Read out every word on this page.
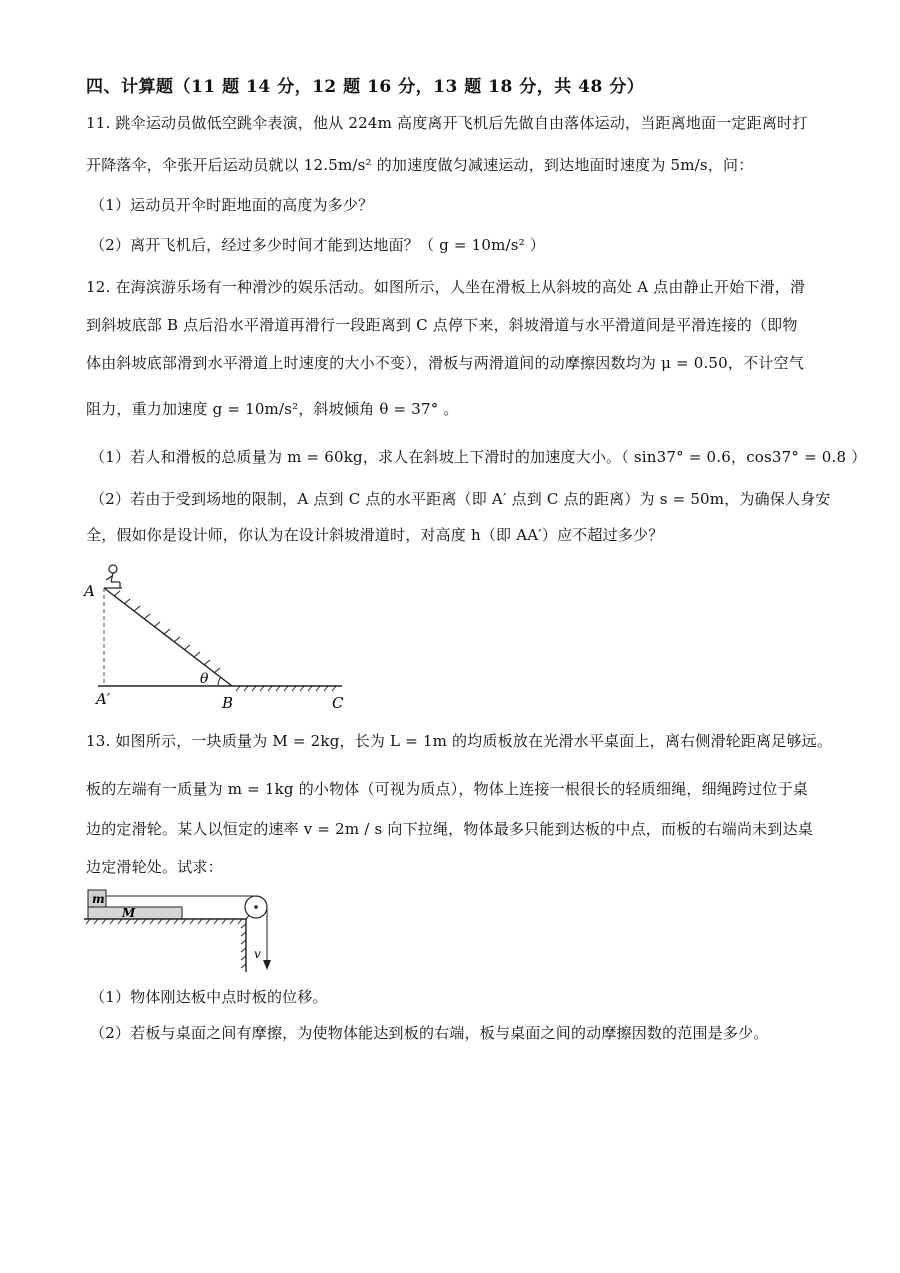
四、计算题（11 题 14 分，12 题 16 分，13 题 18 分，共 48 分）
11. 跳伞运动员做低空跳伞表演，他从 224m 高度离开飞机后先做自由落体运动，当距离地面一定距离时打
开降落伞，伞张开后运动员就以 12.5m/s² 的加速度做匀减速运动，到达地面时速度为 5m/s，问：
（1）运动员开伞时距地面的高度为多少？
（2）离开飞机后，经过多少时间才能到达地面？（ g = 10m/s² ）
12. 在海滨游乐场有一种滑沙的娱乐活动。如图所示，人坐在滑板上从斜坡的高处 A 点由静止开始下滑，滑
到斜坡底部 B 点后沿水平滑道再滑行一段距离到 C 点停下来，斜坡滑道与水平滑道间是平滑连接的（即物
体由斜坡底部滑到水平滑道上时速度的大小不变），滑板与两滑道间的动摩擦因数均为 μ = 0.50，不计空气
阻力，重力加速度 g = 10m/s²，斜坡倾角 θ = 37° 。
（1）若人和滑板的总质量为 m = 60kg，求人在斜坡上下滑时的加速度大小。（ sin37° = 0.6，cos37° = 0.8 ）
（2）若由于受到场地的限制，A 点到 C 点的水平距离（即 A′ 点到 C 点的距离）为 s = 50m，为确保人身安
全，假如你是设计师，你认为在设计斜坡滑道时，对高度 h（即 AA′）应不超过多少？
A
A′	B	C
θ
13. 如图所示，一块质量为 M = 2kg，长为 L = 1m 的均质板放在光滑水平桌面上，离右侧滑轮距离足够远。
板的左端有一质量为 m = 1kg 的小物体（可视为质点），物体上连接一根很长的轻质细绳，细绳跨过位于桌
边的定滑轮。某人以恒定的速率 v = 2m / s 向下拉绳，物体最多只能到达板的中点，而板的右端尚未到达桌
边定滑轮处。试求：
m
M
v
（1）物体刚达板中点时板的位移。
（2）若板与桌面之间有摩擦，为使物体能达到板的右端，板与桌面之间的动摩擦因数的范围是多少。
